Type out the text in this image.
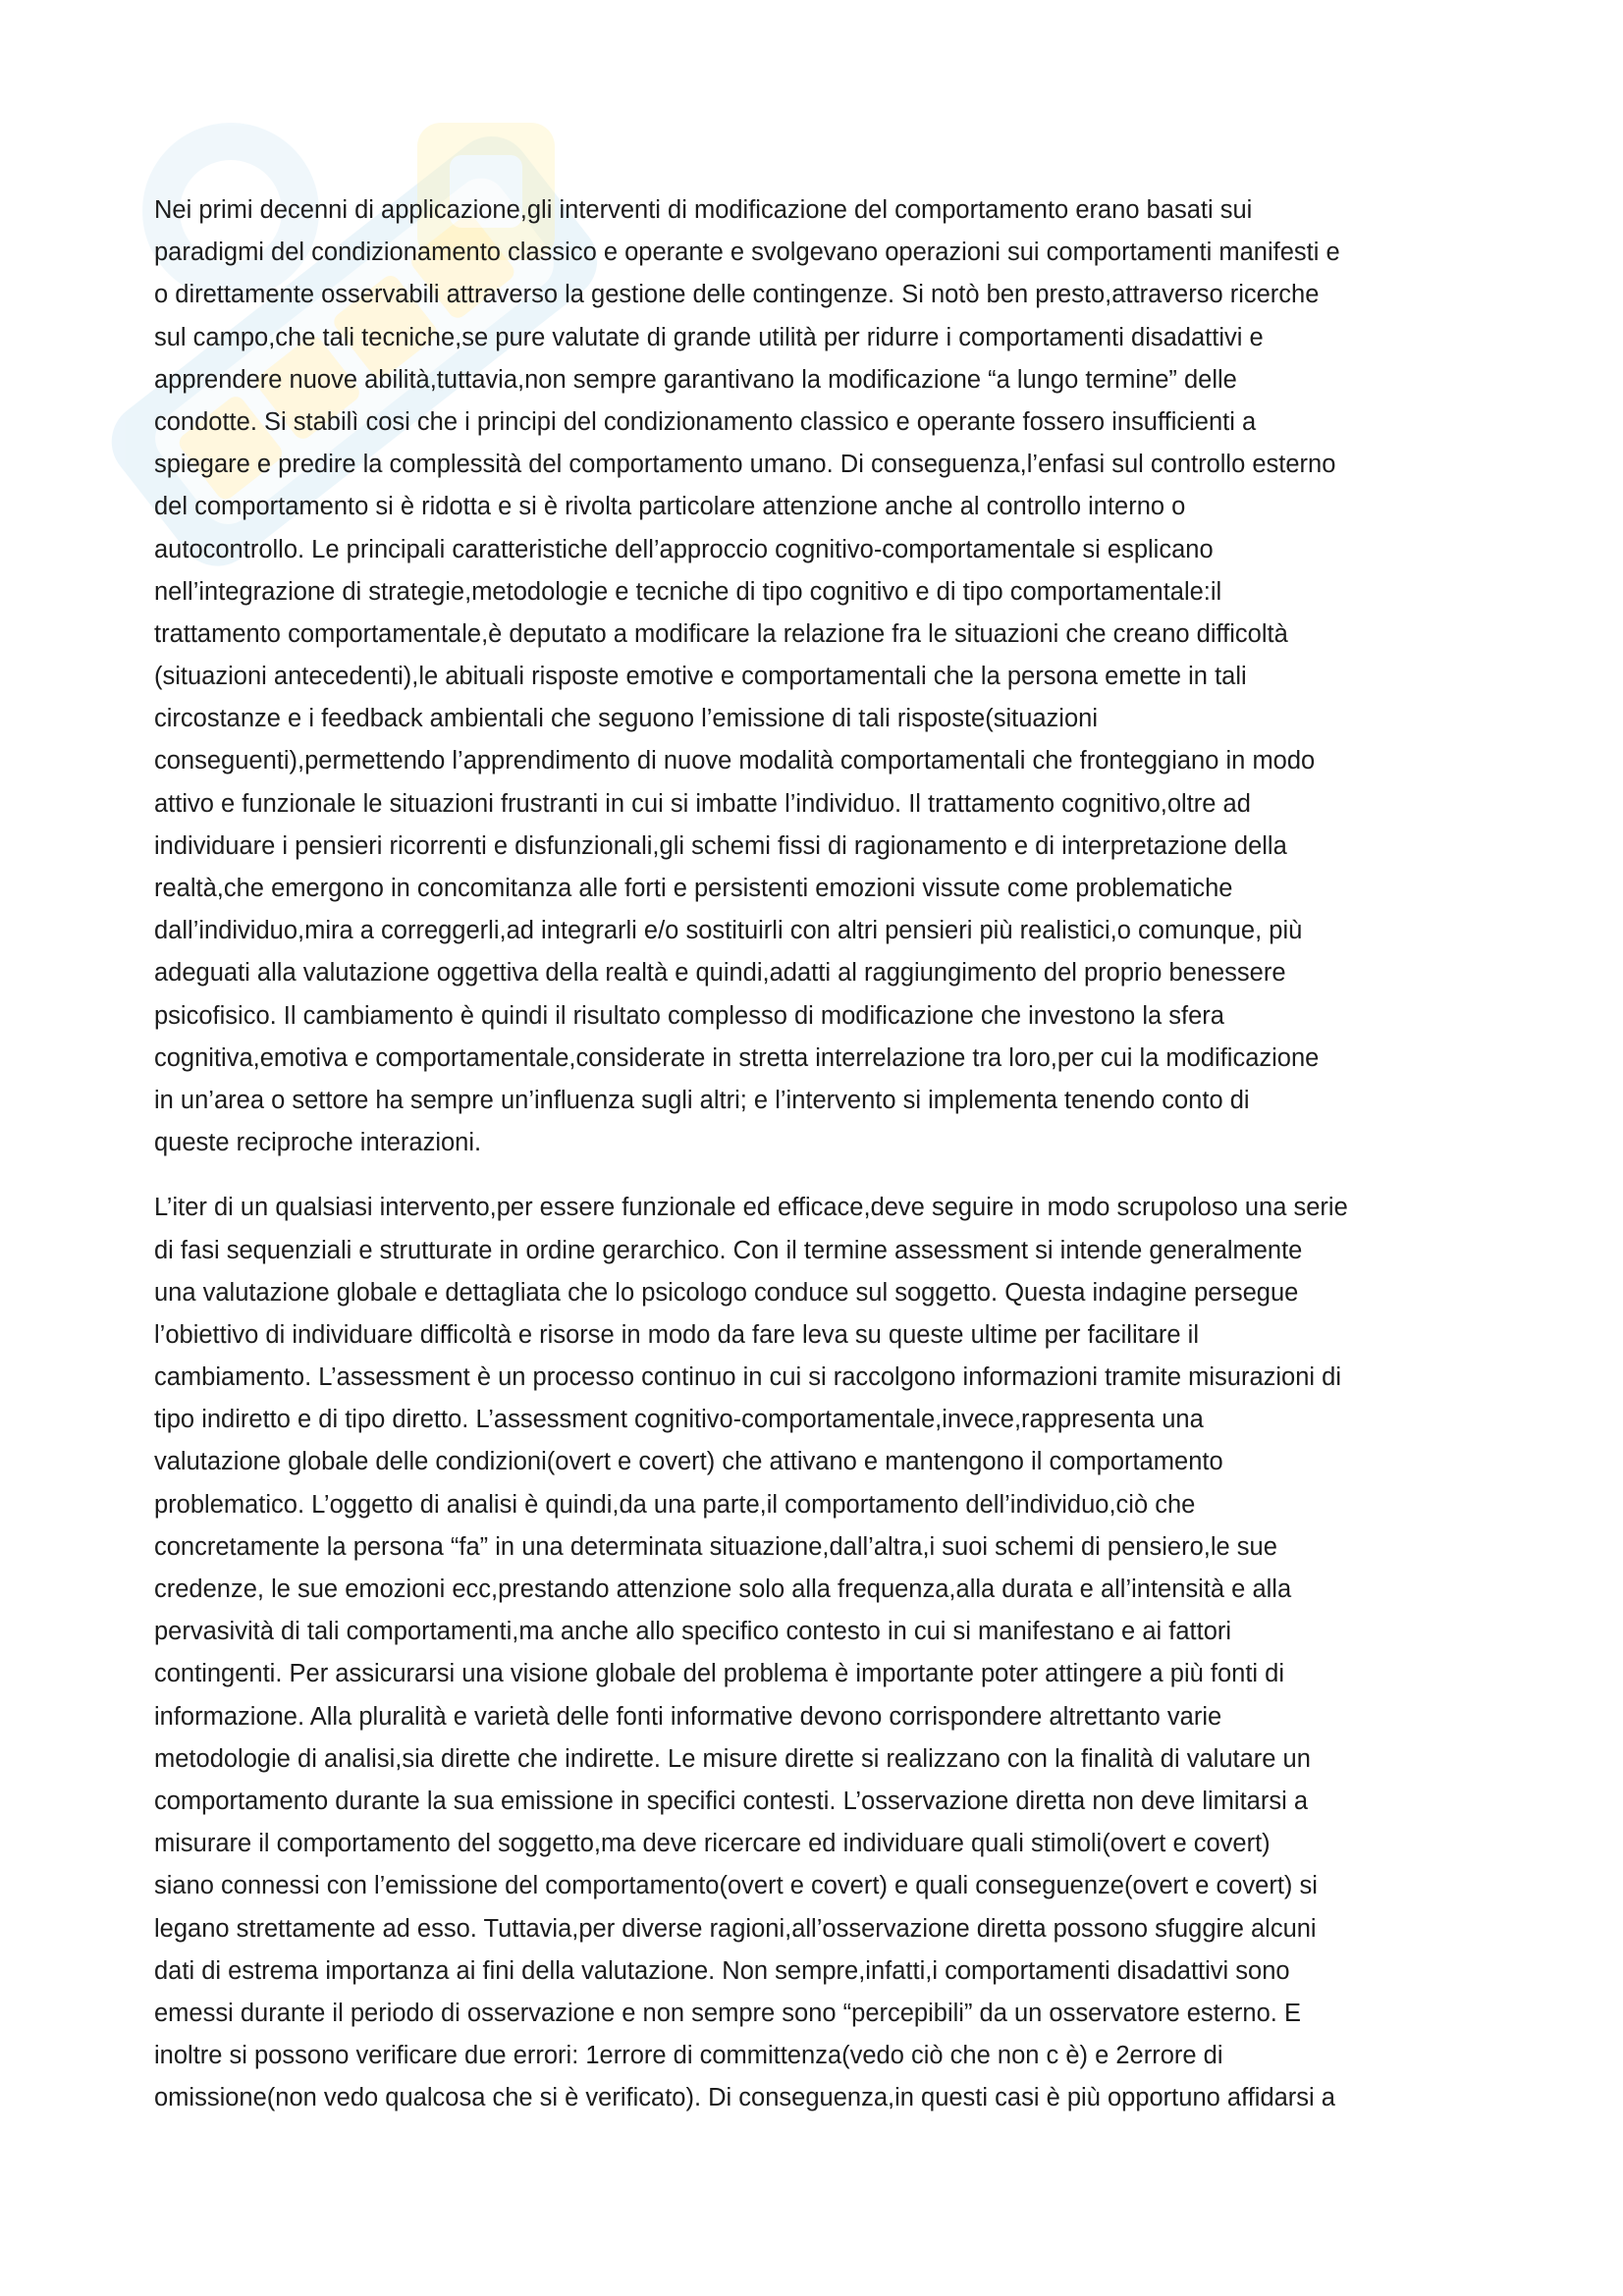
Nei primi decenni di applicazione,gli interventi di modificazione del comportamento erano basati sui
paradigmi del condizionamento classico e operante e svolgevano operazioni sui comportamenti manifesti e
o direttamente osservabili attraverso la gestione delle contingenze. Si notò ben presto,attraverso ricerche
sul campo,che tali tecniche,se pure valutate di grande utilità per ridurre i comportamenti disadattivi e
apprendere nuove abilità,tuttavia,non sempre garantivano la modificazione “a lungo termine” delle
condotte. Si stabilì cosi che i principi del condizionamento classico e operante fossero insufficienti a
spiegare e predire la complessità del comportamento umano. Di conseguenza,l’enfasi sul controllo esterno
del comportamento si è ridotta e si è rivolta particolare attenzione anche al controllo interno o
autocontrollo. Le principali caratteristiche dell’approccio cognitivo-comportamentale si esplicano
nell’integrazione di strategie,metodologie e tecniche di tipo cognitivo e di tipo comportamentale:il
trattamento comportamentale,è deputato a modificare la relazione fra le situazioni che creano difficoltà
(situazioni antecedenti),le abituali risposte emotive e comportamentali che la persona emette in tali
circostanze e i feedback ambientali che seguono l’emissione di tali risposte(situazioni
conseguenti),permettendo l’apprendimento di nuove modalità comportamentali che fronteggiano in modo
attivo e funzionale le situazioni frustranti in cui si imbatte l’individuo. Il trattamento cognitivo,oltre ad
individuare i pensieri ricorrenti e disfunzionali,gli schemi fissi di ragionamento e di interpretazione della
realtà,che emergono in concomitanza alle forti e persistenti emozioni vissute come problematiche
dall’individuo,mira a correggerli,ad integrarli e/o sostituirli con altri pensieri più realistici,o comunque, più
adeguati alla valutazione oggettiva della realtà e quindi,adatti al raggiungimento del proprio benessere
psicofisico. Il cambiamento è quindi il risultato complesso di modificazione che investono la sfera
cognitiva,emotiva e comportamentale,considerate in stretta interrelazione tra loro,per cui la modificazione
in un’area o settore ha sempre un’influenza sugli altri; e l’intervento si implementa tenendo conto di
queste reciproche interazioni.
L’iter di un qualsiasi intervento,per essere funzionale ed efficace,deve seguire in modo scrupoloso una serie
di fasi sequenziali e strutturate in ordine gerarchico. Con il termine assessment si intende generalmente
una valutazione globale e dettagliata che lo psicologo conduce sul soggetto. Questa indagine persegue
l’obiettivo di individuare difficoltà e risorse in modo da fare leva su queste ultime per facilitare il
cambiamento. L’assessment è un processo continuo in cui si raccolgono informazioni tramite misurazioni di
tipo indiretto e di tipo diretto. L’assessment cognitivo-comportamentale,invece,rappresenta una
valutazione globale delle condizioni(overt e covert) che attivano e mantengono il comportamento
problematico. L’oggetto di analisi è quindi,da una parte,il comportamento dell’individuo,ciò che
concretamente la persona “fa” in una determinata situazione,dall’altra,i suoi schemi di pensiero,le sue
credenze, le sue emozioni ecc,prestando attenzione solo alla frequenza,alla durata e all’intensità e alla
pervasività di tali comportamenti,ma anche allo specifico contesto in cui si manifestano e ai fattori
contingenti. Per assicurarsi una visione globale del problema è importante poter attingere a più fonti di
informazione. Alla pluralità e varietà delle fonti informative devono corrispondere altrettanto varie
metodologie di analisi,sia dirette che indirette. Le misure dirette si realizzano con la finalità di valutare un
comportamento durante la sua emissione in specifici contesti. L’osservazione diretta non deve limitarsi a
misurare il comportamento del soggetto,ma deve ricercare ed individuare quali stimoli(overt e covert)
siano connessi con l’emissione del comportamento(overt e covert) e quali conseguenze(overt e covert) si
legano strettamente ad esso. Tuttavia,per diverse ragioni,all’osservazione diretta possono sfuggire alcuni
dati di estrema importanza ai fini della valutazione. Non sempre,infatti,i comportamenti disadattivi sono
emessi durante il periodo di osservazione e non sempre sono “percepibili” da un osservatore esterno. E
inoltre si possono verificare due errori: 1errore di committenza(vedo ciò che non c è) e 2errore di
omissione(non vedo qualcosa che si è verificato). Di conseguenza,in questi casi è più opportuno affidarsi a
